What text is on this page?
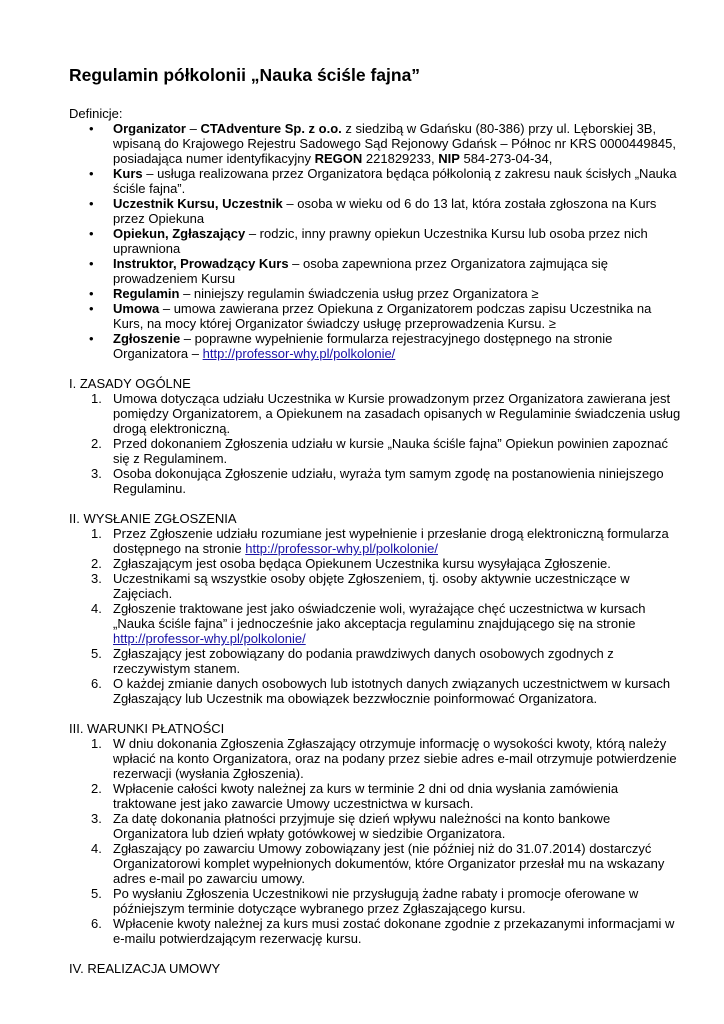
Regulamin półkolonii „Nauka ściśle fajna”

Definicje:

• Organizator – CTAdventure Sp. z o.o. z siedzibą w Gdańsku (80-386) przy ul. Lęborskiej 3B, wpisaną do Krajowego Rejestru Sadowego Sąd Rejonowy Gdańsk – Północ nr KRS 0000449845, posiadająca numer identyfikacyjny REGON 221829233, NIP 584-273-04-34,
• Kurs – usługa realizowana przez Organizatora będąca półkolonią z zakresu nauk ścisłych „Nauka ściśle fajna”.
• Uczestnik Kursu, Uczestnik – osoba w wieku od 6 do 13 lat, która została zgłoszona na Kurs przez Opiekuna
• Opiekun, Zgłaszający – rodzic, inny prawny opiekun Uczestnika Kursu lub osoba przez nich uprawniona
• Instruktor, Prowadzący Kurs – osoba zapewniona przez Organizatora zajmująca się prowadzeniem Kursu
• Regulamin – niniejszy regulamin świadczenia usług przez Organizatora ≥
• Umowa – umowa zawierana przez Opiekuna z Organizatorem podczas zapisu Uczestnika na Kurs, na mocy której Organizator świadczy usługę przeprowadzenia Kursu. ≥
• Zgłoszenie – poprawne wypełnienie formularza rejestracyjnego dostępnego na stronie Organizatora – http://professor-why.pl/polkolonie/

I. ZASADY OGÓLNE

1. Umowa dotycząca udziału Uczestnika w Kursie prowadzonym przez Organizatora zawierana jest pomiędzy Organizatorem, a Opiekunem na zasadach opisanych w Regulaminie świadczenia usług drogą elektroniczną.
2. Przed dokonaniem Zgłoszenia udziału w kursie „Nauka ściśle fajna” Opiekun powinien zapoznać się z Regulaminem.
3. Osoba dokonująca Zgłoszenie udziału, wyraża tym samym zgodę na postanowienia niniejszego Regulaminu.

II. WYSŁANIE ZGŁOSZENIA

1. Przez Zgłoszenie udziału rozumiane jest wypełnienie i przesłanie drogą elektroniczną formularza dostępnego na stronie http://professor-why.pl/polkolonie/
2. Zgłaszającym jest osoba będąca Opiekunem Uczestnika kursu wysyłająca Zgłoszenie.
3. Uczestnikami są wszystkie osoby objęte Zgłoszeniem, tj. osoby aktywnie uczestniczące w Zajęciach.
4. Zgłoszenie traktowane jest jako oświadczenie woli, wyrażające chęć uczestnictwa w kursach „Nauka ściśle fajna” i jednocześnie jako akceptacja regulaminu znajdującego się na stronie http://professor-why.pl/polkolonie/
5. Zgłaszający jest zobowiązany do podania prawdziwych danych osobowych zgodnych z rzeczywistym stanem.
6. O każdej zmianie danych osobowych lub istotnych danych związanych uczestnictwem w kursach Zgłaszający lub Uczestnik ma obowiązek bezzwłocznie poinformować Organizatora.

III. WARUNKI PŁATNOŚCI

1. W dniu dokonania Zgłoszenia Zgłaszający otrzymuje informację o wysokości kwoty, którą należy wpłacić na konto Organizatora, oraz na podany przez siebie adres e-mail otrzymuje potwierdzenie rezerwacji (wysłania Zgłoszenia).
2. Wpłacenie całości kwoty należnej za kurs w terminie 2 dni od dnia wysłania zamówienia traktowane jest jako zawarcie Umowy uczestnictwa w kursach.
3. Za datę dokonania płatności przyjmuje się dzień wpływu należności na konto bankowe Organizatora lub dzień wpłaty gotówkowej w siedzibie Organizatora.
4. Zgłaszający po zawarciu Umowy zobowiązany jest (nie później niż do 31.07.2014) dostarczyć Organizatorowi komplet wypełnionych dokumentów, które Organizator przesłał mu na wskazany adres e-mail po zawarciu umowy.
5. Po wysłaniu Zgłoszenia Uczestnikowi nie przysługują żadne rabaty i promocje oferowane w późniejszym terminie dotyczące wybranego przez Zgłaszającego kursu.
6. Wpłacenie kwoty należnej za kurs musi zostać dokonane zgodnie z przekazanymi informacjami w e-mailu potwierdzającym rezerwację kursu.

IV. REALIZACJA UMOWY
